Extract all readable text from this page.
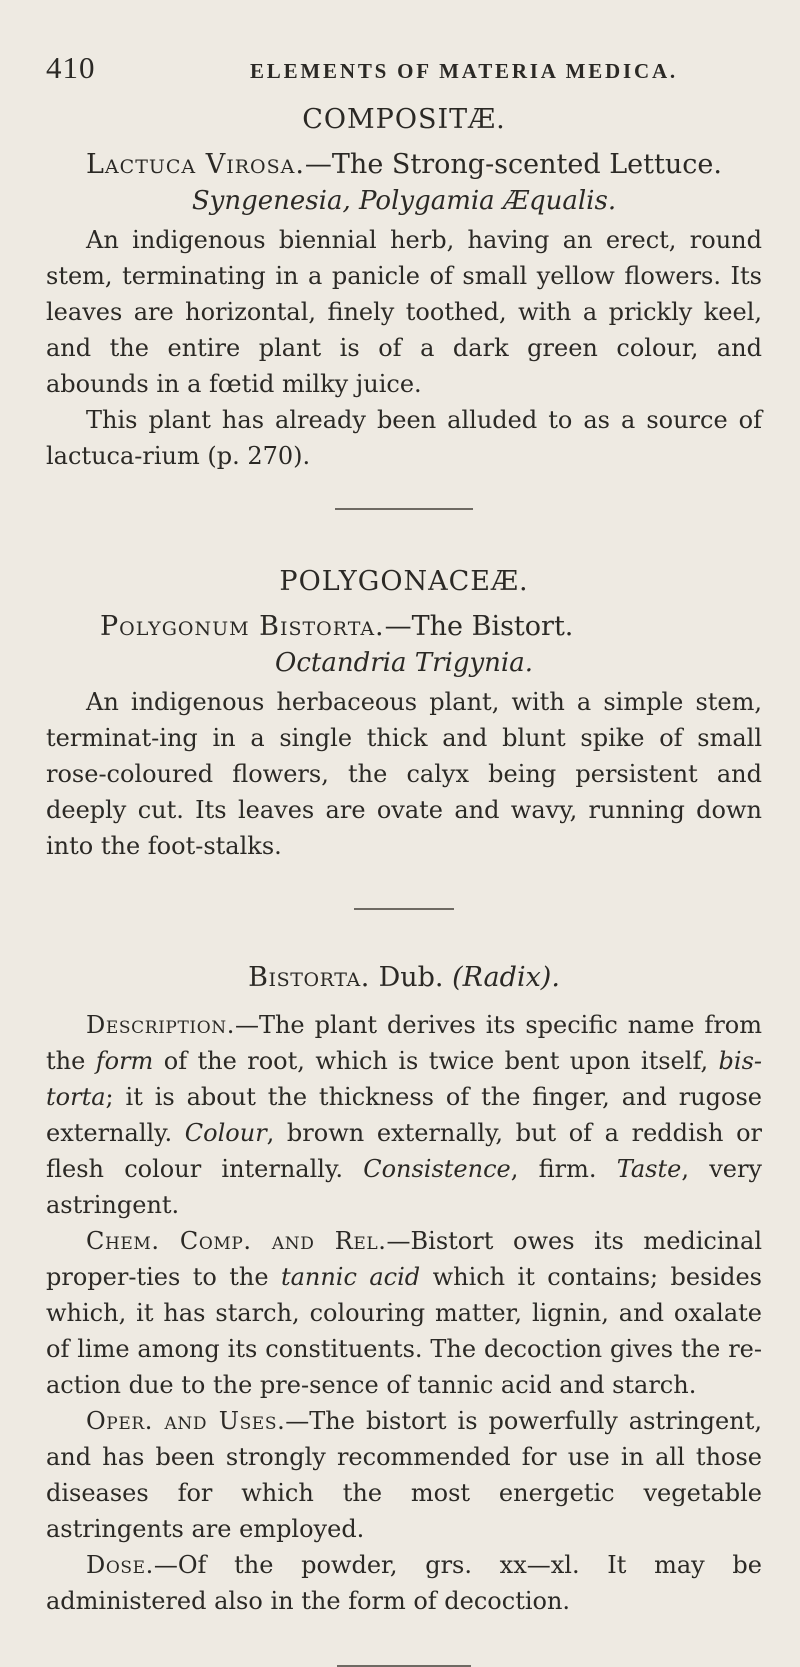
410	ELEMENTS OF MATERIA MEDICA.
COMPOSITÆ.
Lactuca Virosa.—The Strong-scented Lettuce.
Syngenesia, Polygamia Æqualis.

An indigenous biennial herb, having an erect, round stem, terminating in a panicle of small yellow flowers. Its leaves are horizontal, finely toothed, with a prickly keel, and the entire plant is of a dark green colour, and abounds in a fœtid milky juice.

This plant has already been alluded to as a source of lactuca-rium (p. 270).

POLYGONACEÆ.
Polygonum Bistorta.—The Bistort.
Octandria Trigynia.

An indigenous herbaceous plant, with a simple stem, terminat-ing in a single thick and blunt spike of small rose-coloured flowers, the calyx being persistent and deeply cut. Its leaves are ovate and wavy, running down into the foot-stalks.

Bistorta. Dub. (Radix).

Description.—The plant derives its specific name from the form of the root, which is twice bent upon itself, bis-torta; it is about the thickness of the finger, and rugose externally. Colour, brown externally, but of a reddish or flesh colour internally. Consistence, firm. Taste, very astringent.

Chem. Comp. and Rel.—Bistort owes its medicinal proper-ties to the tannic acid which it contains; besides which, it has starch, colouring matter, lignin, and oxalate of lime among its constituents. The decoction gives the re-action due to the pre-sence of tannic acid and starch.

Oper. and Uses.—The bistort is powerfully astringent, and has been strongly recommended for use in all those diseases for which the most energetic vegetable astringents are employed.

Dose.—Of the powder, grs. xx—xl. It may be administered also in the form of decoction.
